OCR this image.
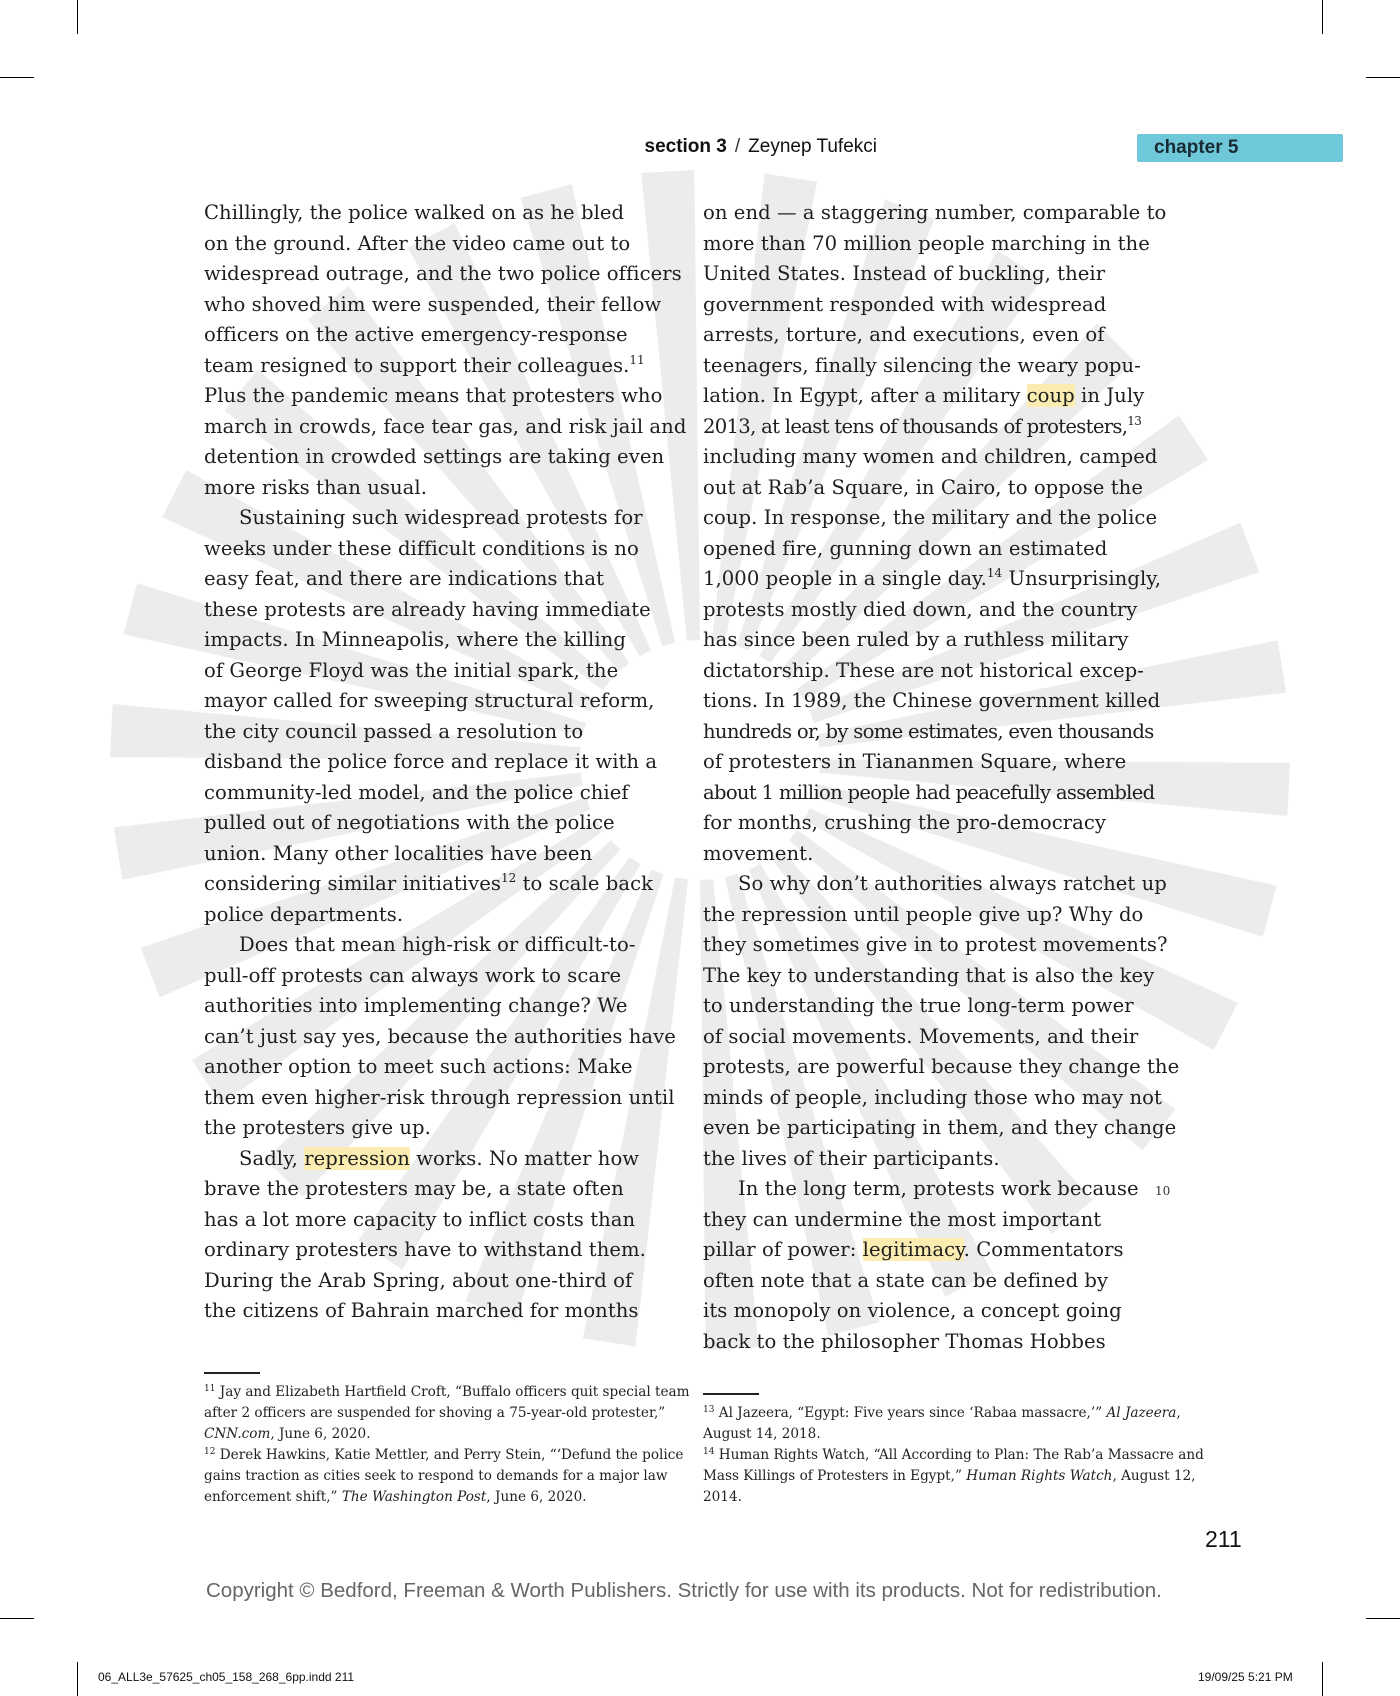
section 3 / Zeynep Tufekci	chapter 5
Chillingly, the police walked on as he bled
on the ground. After the video came out to
widespread outrage, and the two police officers
who shoved him were suspended, their fellow
officers on the active emergency-response
team resigned to support their colleagues.$^{11}$
Plus the pandemic means that protesters who
march in crowds, face tear gas, and risk jail and
detention in crowded settings are taking even
more risks than usual.
Sustaining such widespread protests for
weeks under these difficult conditions is no
easy feat, and there are indications that
these protests are already having immediate
impacts. In Minneapolis, where the killing
of George Floyd was the initial spark, the
mayor called for sweeping structural reform,
the city council passed a resolution to
disband the police force and replace it with a
community-led model, and the police chief
pulled out of negotiations with the police
union. Many other localities have been
considering similar initiatives$^{12}$ to scale back
police departments.
Does that mean high-risk or difficult-to-
pull-off protests can always work to scare
authorities into implementing change? We
can’t just say yes, because the authorities have
another option to meet such actions: Make
them even higher-risk through repression until
the protesters give up.
Sadly, repression works. No matter how
brave the protesters may be, a state often
has a lot more capacity to inflict costs than
ordinary protesters have to withstand them.
During the Arab Spring, about one-third of
the citizens of Bahrain marched for months
on end — a staggering number, comparable to
more than 70 million people marching in the
United States. Instead of buckling, their
government responded with widespread
arrests, torture, and executions, even of
teenagers, finally silencing the weary popu-
lation. In Egypt, after a military coup in July
2013, at least tens of thousands of protesters,$^{13}$
including many women and children, camped
out at Rab’a Square, in Cairo, to oppose the
coup. In response, the military and the police
opened fire, gunning down an estimated
1,000 people in a single day.$^{14}$ Unsurprisingly,
protests mostly died down, and the country
has since been ruled by a ruthless military
dictatorship. These are not historical excep-
tions. In 1989, the Chinese government killed
hundreds or, by some estimates, even thousands
of protesters in Tiananmen Square, where
about 1 million people had peacefully assembled
for months, crushing the pro-democracy
movement.
So why don’t authorities always ratchet up
the repression until people give up? Why do
they sometimes give in to protest movements?
The key to understanding that is also the key
to understanding the true long-term power
of social movements. Movements, and their
protests, are powerful because they change the
minds of people, including those who may not
even be participating in them, and they change
the lives of their participants.
In the long term, protests work because
they can undermine the most important
pillar of power: legitimacy. Commentators
often note that a state can be defined by
its monopoly on violence, a concept going
back to the philosopher Thomas Hobbes
10
$^{11}$ Jay and Elizabeth Hartfield Croft, “Buffalo officers quit special team
after 2 officers are suspended for shoving a 75-year-old protester,”
CNN.com, June 6, 2020.
$^{12}$ Derek Hawkins, Katie Mettler, and Perry Stein, “‘Defund the police
gains traction as cities seek to respond to demands for a major law
enforcement shift,” The Washington Post, June 6, 2020.
$^{13}$ Al Jazeera, “Egypt: Five years since ‘Rabaa massacre,’” Al Jazeera,
August 14, 2018.
$^{14}$ Human Rights Watch, “All According to Plan: The Rab’a Massacre and
Mass Killings of Protesters in Egypt,” Human Rights Watch, August 12,
2014.
211
Copyright © Bedford, Freeman & Worth Publishers. Strictly for use with its products. Not for redistribution.
06_ALL3e_57625_ch05_158_268_6pp.indd 211	19/09/25 5:21 PM
